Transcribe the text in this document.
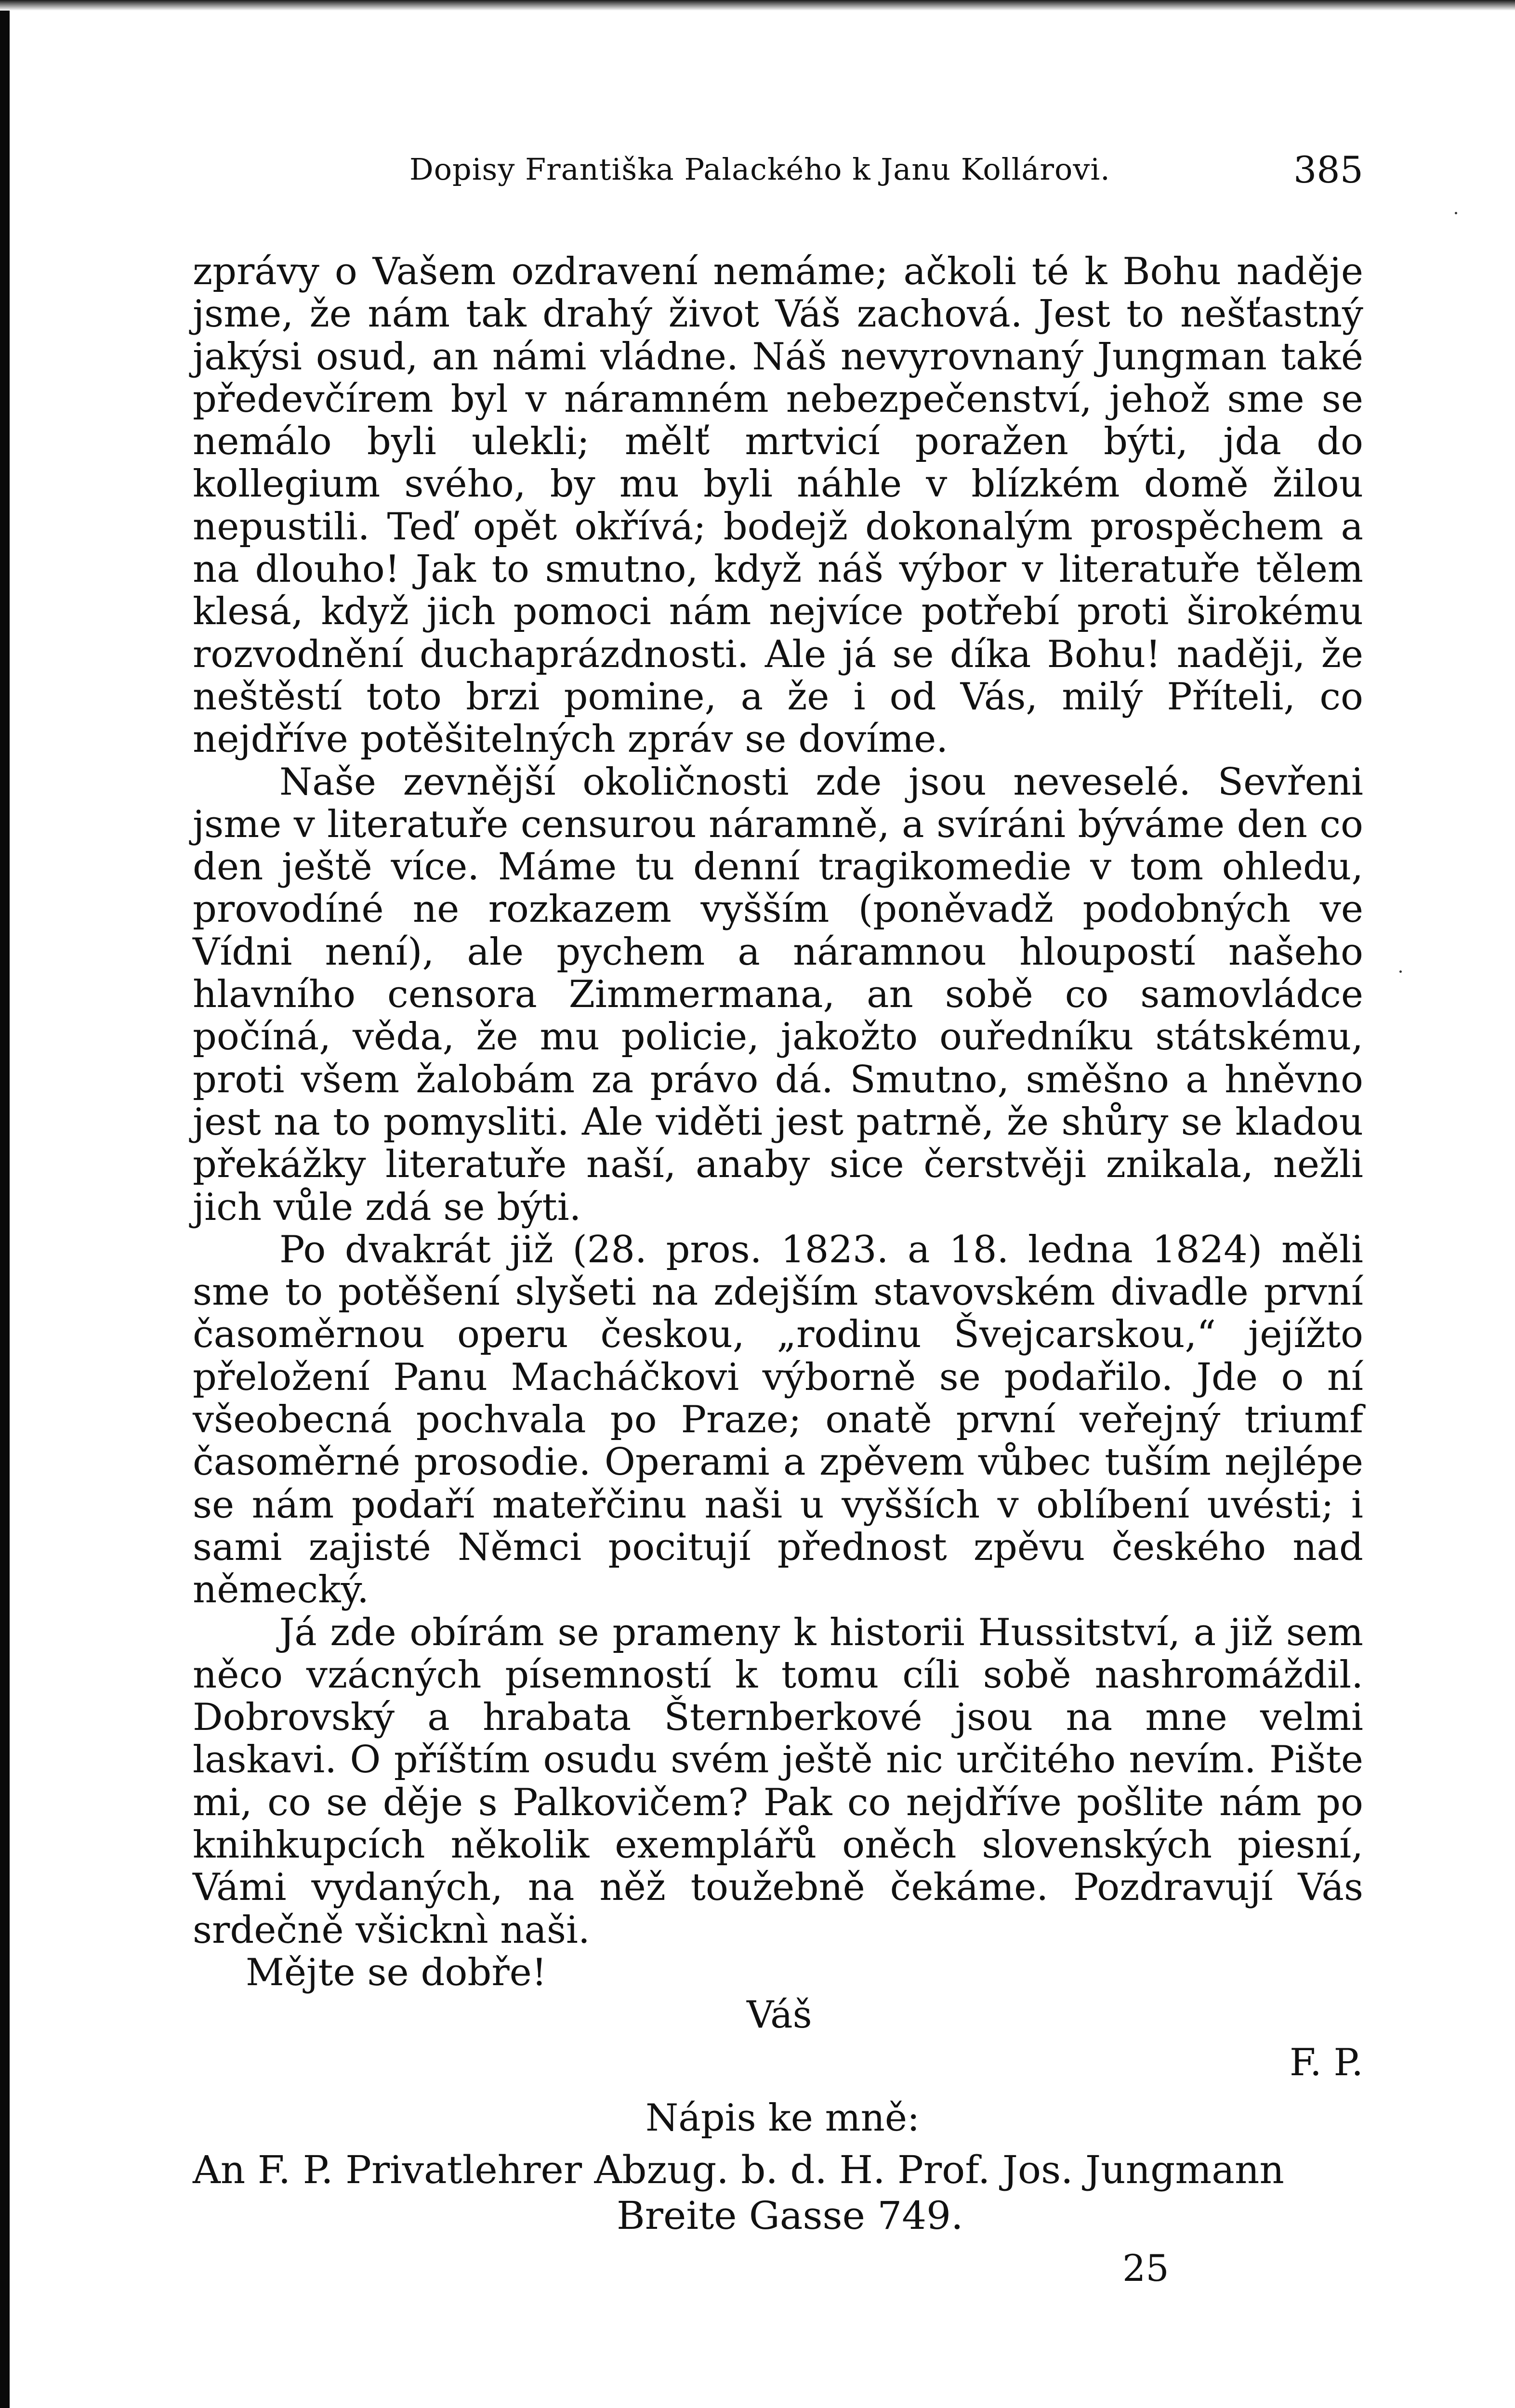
Dopisy Františka Palackého k Janu Kollárovi.	385

zprávy o Vašem ozdravení nemáme; ačkoli té k Bohu naděje jsme, že nám tak drahý život Váš zachová. Jest to nešťastný jakýsi osud, an námi vládne. Náš nevyrovnaný Jungman také předevčírem byl v náramném nebezpečenství, jehož sme se nemálo byli ulekli; mělť mrtvicí poražen býti, jda do kollegium svého, by mu byli náhle v blízkém domě žilou nepustili. Teď opět okřívá; bodejž dokonalým prospěchem a na dlouho! Jak to smutno, když náš výbor v literatuře tělem klesá, když jich pomoci nám nejvíce potřebí proti širokému rozvodnění duchaprázdnosti. Ale já se díka Bohu! naději, že neštěstí toto brzi pomine, a že i od Vás, milý Příteli, co nejdříve potěšitelných zpráv se dovíme.

Naše zevnější okoličnosti zde jsou neveselé. Sevřeni jsme v literatuře censurou náramně, a svíráni býváme den co den ještě více. Máme tu denní tragikomedie v tom ohledu, provodíné ne rozkazem vyšším (poněvadž podobných ve Vídni není), ale pychem a náramnou hloupostí našeho hlavního censora Zimmermana, an sobě co samovládce počíná, věda, že mu policie, jakožto ouředníku státskému, proti všem žalobám za právo dá. Smutno, směšno a hněvno jest na to pomysliti. Ale viděti jest patrně, že shůry se kladou překážky literatuře naší, anaby sice čerstvěji znikala, nežli jich vůle zdá se býti.

Po dvakrát již (28. pros. 1823. a 18. ledna 1824) měli sme to potěšení slyšeti na zdejším stavovském divadle první časoměrnou operu českou, „rodinu Švejcarskou,“ jejížto přeložení Panu Macháčkovi výborně se podařilo. Jde o ní všeobecná pochvala po Praze; onatě první veřejný triumf časoměrné prosodie. Operami a zpěvem vůbec tuším nejlépe se nám podaří mateřčinu naši u vyšších v oblíbení uvésti; i sami zajisté Němci pocitují přednost zpěvu českého nad německý.

Já zde obírám se prameny k historii Hussitství, a již sem něco vzácných písemností k tomu cíli sobě nashromáždil. Dobrovský a hrabata Šternberkové jsou na mne velmi laskavi. O příštím osudu svém ještě nic určitého nevím. Pište mi, co se děje s Palkovičem? Pak co nejdříve pošlite nám po knihkupcích několik exemplářů oněch slovenských piesní, Vámi vydaných, na něž toužebně čekáme. Pozdravují Vás srdečně všicknì naši.

Mějte se dobře!

Váš

F. P.

Nápis ke mně:

An F. P. Privatlehrer Abzug. b. d. H. Prof. Jos. Jungmann

Breite Gasse 749.

25
